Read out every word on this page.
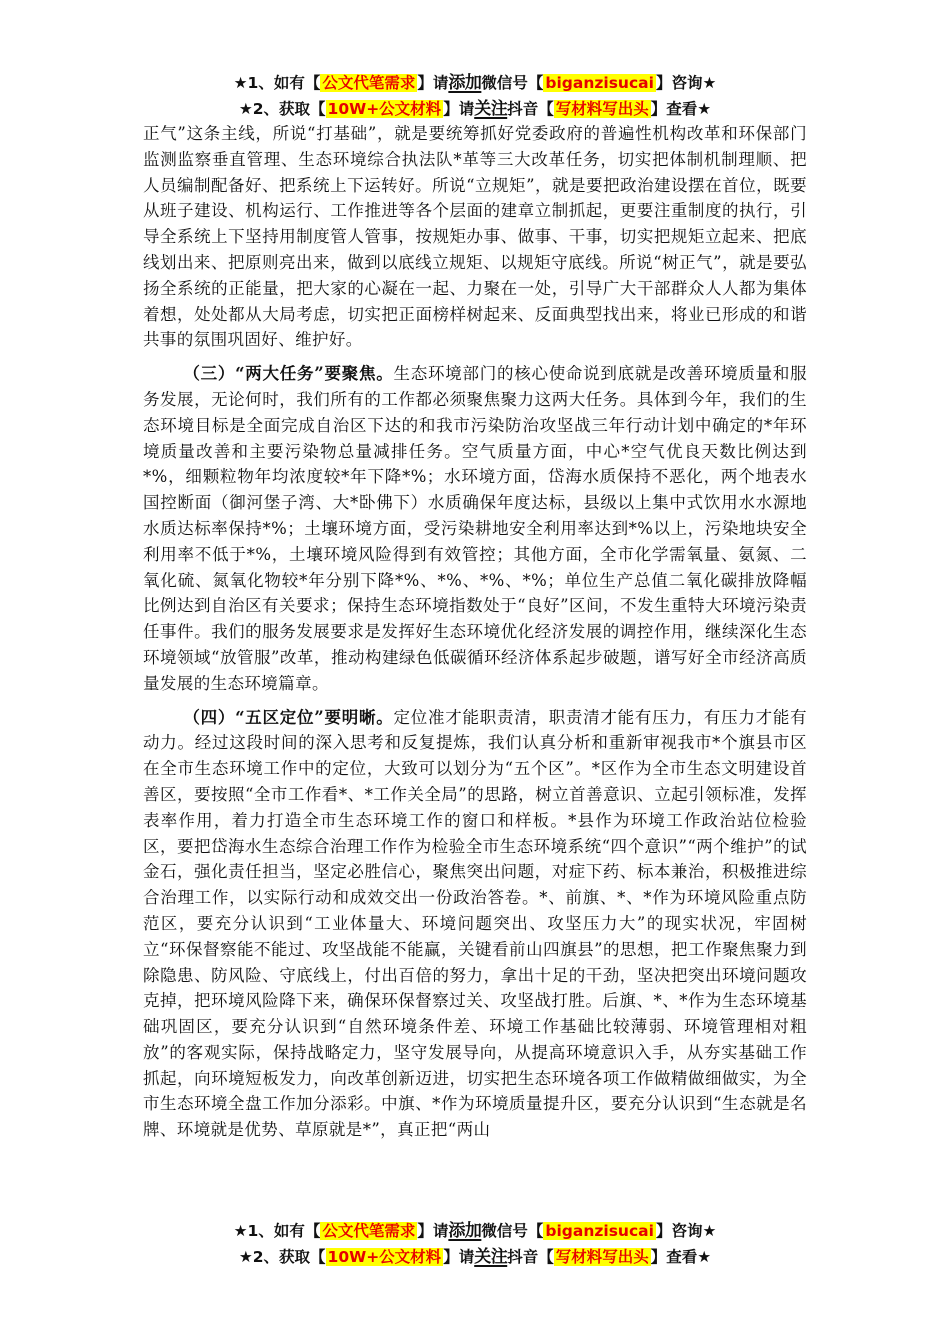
★1、如有【 公文代笔需求 】请添加微信号【 biganzisucai 】咨询★
★2、获取【 10W+公文材料 】请关注抖音【 写材料写出头 】查看★

正气”这条主线，所说“打基础”，就是要统筹抓好党委政府的普遍性机构改革和环保部门监测监察垂直管理、生态环境综合执法队*革等三大改革任务，切实把体制机制理顺、把人员编制配备好、把系统上下运转好。所说“立规矩”，就是要把政治建设摆在首位，既要从班子建设、机构运行、工作推进等各个层面的建章立制抓起，更要注重制度的执行，引导全系统上下坚持用制度管人管事，按规矩办事、做事、干事，切实把规矩立起来、把底线划出来、把原则亮出来，做到以底线立规矩、以规矩守底线。所说“树正气”，就是要弘扬全系统的正能量，把大家的心凝在一起、力聚在一处，引导广大干部群众人人都为集体着想，处处都从大局考虑，切实把正面榜样树起来、反面典型找出来，将业已形成的和谐共事的氛围巩固好、维护好。

（三）“两大任务”要聚焦。生态环境部门的核心使命说到底就是改善环境质量和服务发展，无论何时，我们所有的工作都必须聚焦聚力这两大任务。具体到今年，我们的生态环境目标是全面完成自治区下达的和我市污染防治攻坚战三年行动计划中确定的*年环境质量改善和主要污染物总量减排任务。空气质量方面，中心*空气优良天数比例达到*%，细颗粒物年均浓度较*年下降*%；水环境方面，岱海水质保持不恶化，两个地表水国控断面（御河堡子湾、大*卧佛下）水质确保年度达标，县级以上集中式饮用水水源地水质达标率保持*%；土壤环境方面，受污染耕地安全利用率达到*%以上，污染地块安全利用率不低于*%，土壤环境风险得到有效管控；其他方面，全市化学需氧量、氨氮、二氧化硫、氮氧化物较*年分别下降*%、*%、*%、*%；单位生产总值二氧化碳排放降幅比例达到自治区有关要求；保持生态环境指数处于“良好”区间，不发生重特大环境污染责任事件。我们的服务发展要求是发挥好生态环境优化经济发展的调控作用，继续深化生态环境领域“放管服”改革，推动构建绿色低碳循环经济体系起步破题，谱写好全市经济高质量发展的生态环境篇章。

（四）“五区定位”要明晰。定位准才能职责清，职责清才能有压力，有压力才能有动力。经过这段时间的深入思考和反复提炼，我们认真分析和重新审视我市*个旗县市区在全市生态环境工作中的定位，大致可以划分为“五个区”。*区作为全市生态文明建设首善区，要按照“全市工作看*、*工作关全局”的思路，树立首善意识、立起引领标准，发挥表率作用，着力打造全市生态环境工作的窗口和样板。*县作为环境工作政治站位检验区，要把岱海水生态综合治理工作作为检验全市生态环境系统“四个意识”“两个维护”的试金石，强化责任担当，坚定必胜信心，聚焦突出问题，对症下药、标本兼治，积极推进综合治理工作，以实际行动和成效交出一份政治答卷。*、前旗、*、*作为环境风险重点防范区，要充分认识到“工业体量大、环境问题突出、攻坚压力大”的现实状况，牢固树立“环保督察能不能过、攻坚战能不能赢，关键看前山四旗县”的思想，把工作聚焦聚力到除隐患、防风险、守底线上，付出百倍的努力，拿出十足的干劲，坚决把突出环境问题攻克掉，把环境风险降下来，确保环保督察过关、攻坚战打胜。后旗、*、*作为生态环境基础巩固区，要充分认识到“自然环境条件差、环境工作基础比较薄弱、环境管理相对粗放”的客观实际，保持战略定力，坚守发展导向，从提高环境意识入手，从夯实基础工作抓起，向环境短板发力，向改革创新迈进，切实把生态环境各项工作做精做细做实，为全市生态环境全盘工作加分添彩。中旗、*作为环境质量提升区，要充分认识到“生态就是名牌、环境就是优势、草原就是*”，真正把“两山

★1、如有【 公文代笔需求 】请添加微信号【 biganzisucai 】咨询★
★2、获取【 10W+公文材料 】请关注抖音【 写材料写出头 】查看★
